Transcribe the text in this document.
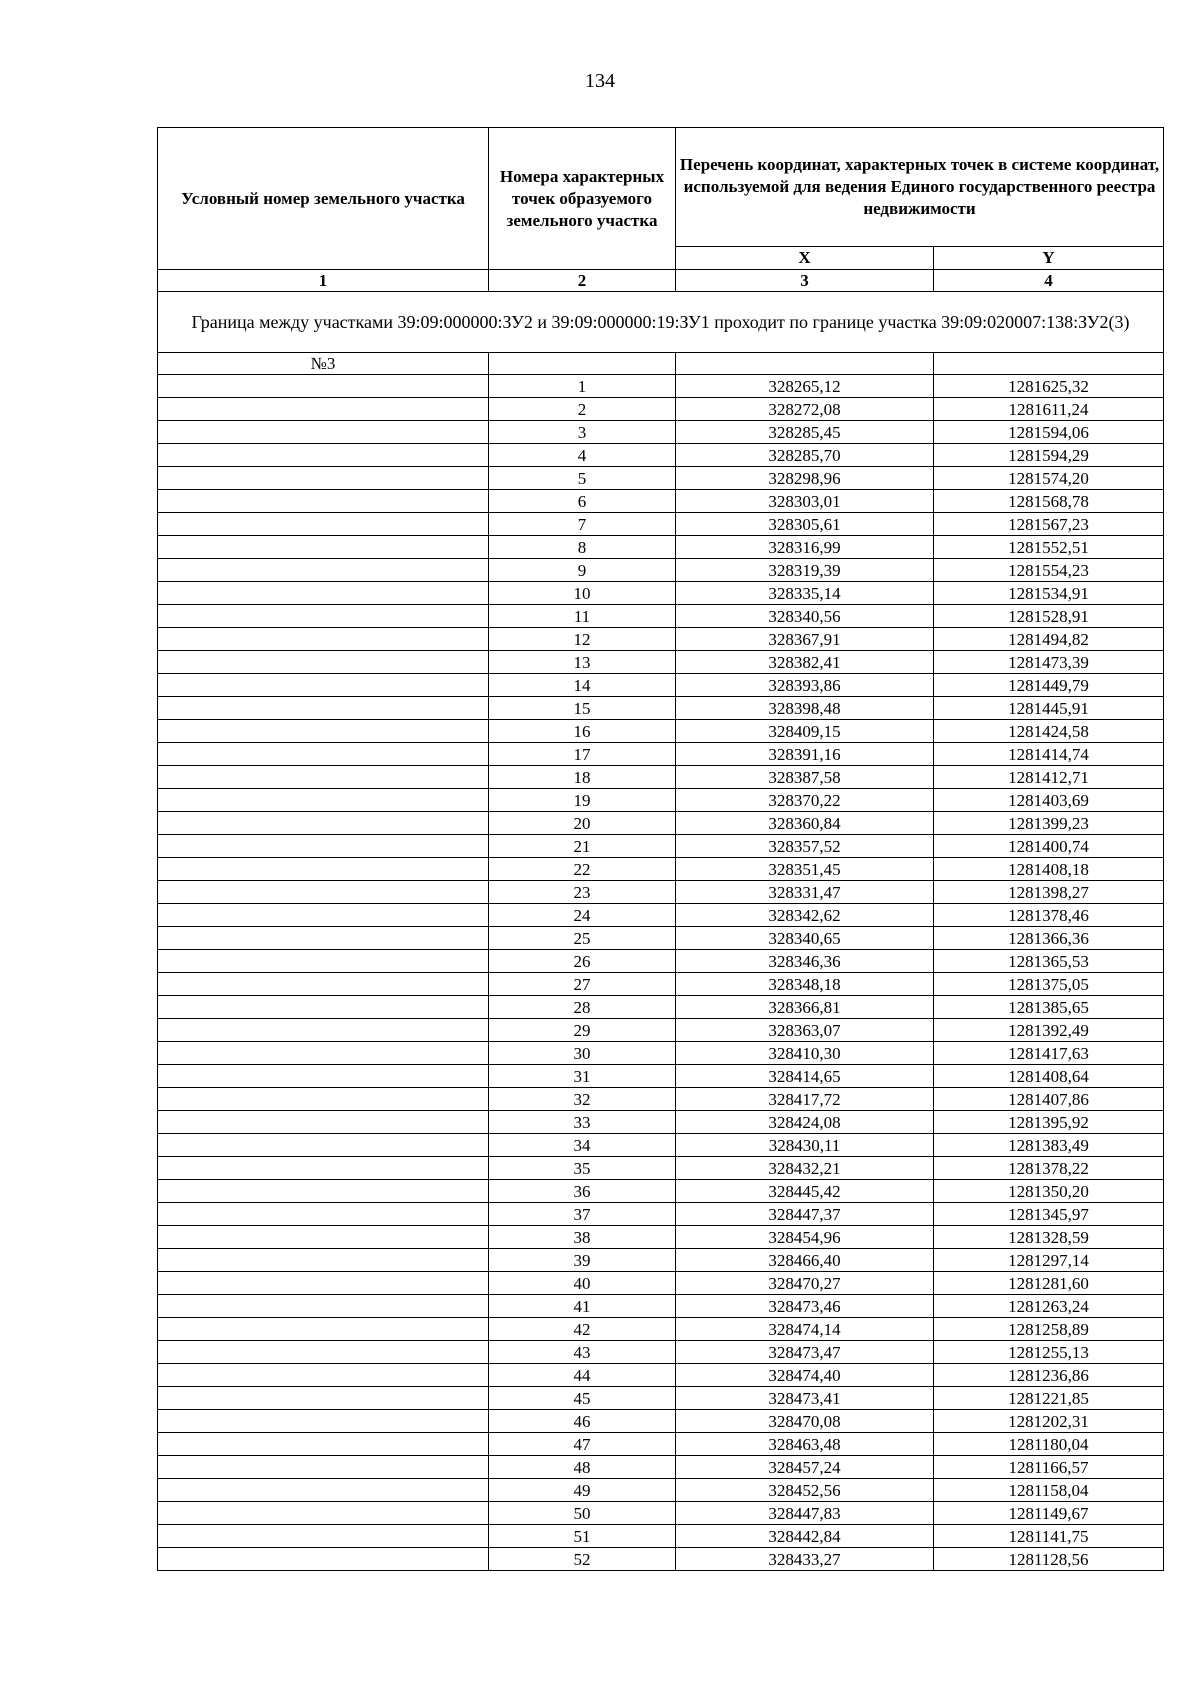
134
Условный номер земельного участка	Номера характерных точек образуемого земельного участка	Перечень координат, характерных точек в системе координат, используемой для ведения Единого государственного реестра недвижимости	
		X	Y
1	2	3	4
Граница между участками 39:09:000000:ЗУ2 и 39:09:000000:19:ЗУ1 проходит по границе участка 39:09:020007:138:ЗУ2(3)			
№3			
	1	328265,12	1281625,32
	2	328272,08	1281611,24
	3	328285,45	1281594,06
	4	328285,70	1281594,29
	5	328298,96	1281574,20
	6	328303,01	1281568,78
	7	328305,61	1281567,23
	8	328316,99	1281552,51
	9	328319,39	1281554,23
	10	328335,14	1281534,91
	11	328340,56	1281528,91
	12	328367,91	1281494,82
	13	328382,41	1281473,39
	14	328393,86	1281449,79
	15	328398,48	1281445,91
	16	328409,15	1281424,58
	17	328391,16	1281414,74
	18	328387,58	1281412,71
	19	328370,22	1281403,69
	20	328360,84	1281399,23
	21	328357,52	1281400,74
	22	328351,45	1281408,18
	23	328331,47	1281398,27
	24	328342,62	1281378,46
	25	328340,65	1281366,36
	26	328346,36	1281365,53
	27	328348,18	1281375,05
	28	328366,81	1281385,65
	29	328363,07	1281392,49
	30	328410,30	1281417,63
	31	328414,65	1281408,64
	32	328417,72	1281407,86
	33	328424,08	1281395,92
	34	328430,11	1281383,49
	35	328432,21	1281378,22
	36	328445,42	1281350,20
	37	328447,37	1281345,97
	38	328454,96	1281328,59
	39	328466,40	1281297,14
	40	328470,27	1281281,60
	41	328473,46	1281263,24
	42	328474,14	1281258,89
	43	328473,47	1281255,13
	44	328474,40	1281236,86
	45	328473,41	1281221,85
	46	328470,08	1281202,31
	47	328463,48	1281180,04
	48	328457,24	1281166,57
	49	328452,56	1281158,04
	50	328447,83	1281149,67
	51	328442,84	1281141,75
	52	328433,27	1281128,56
